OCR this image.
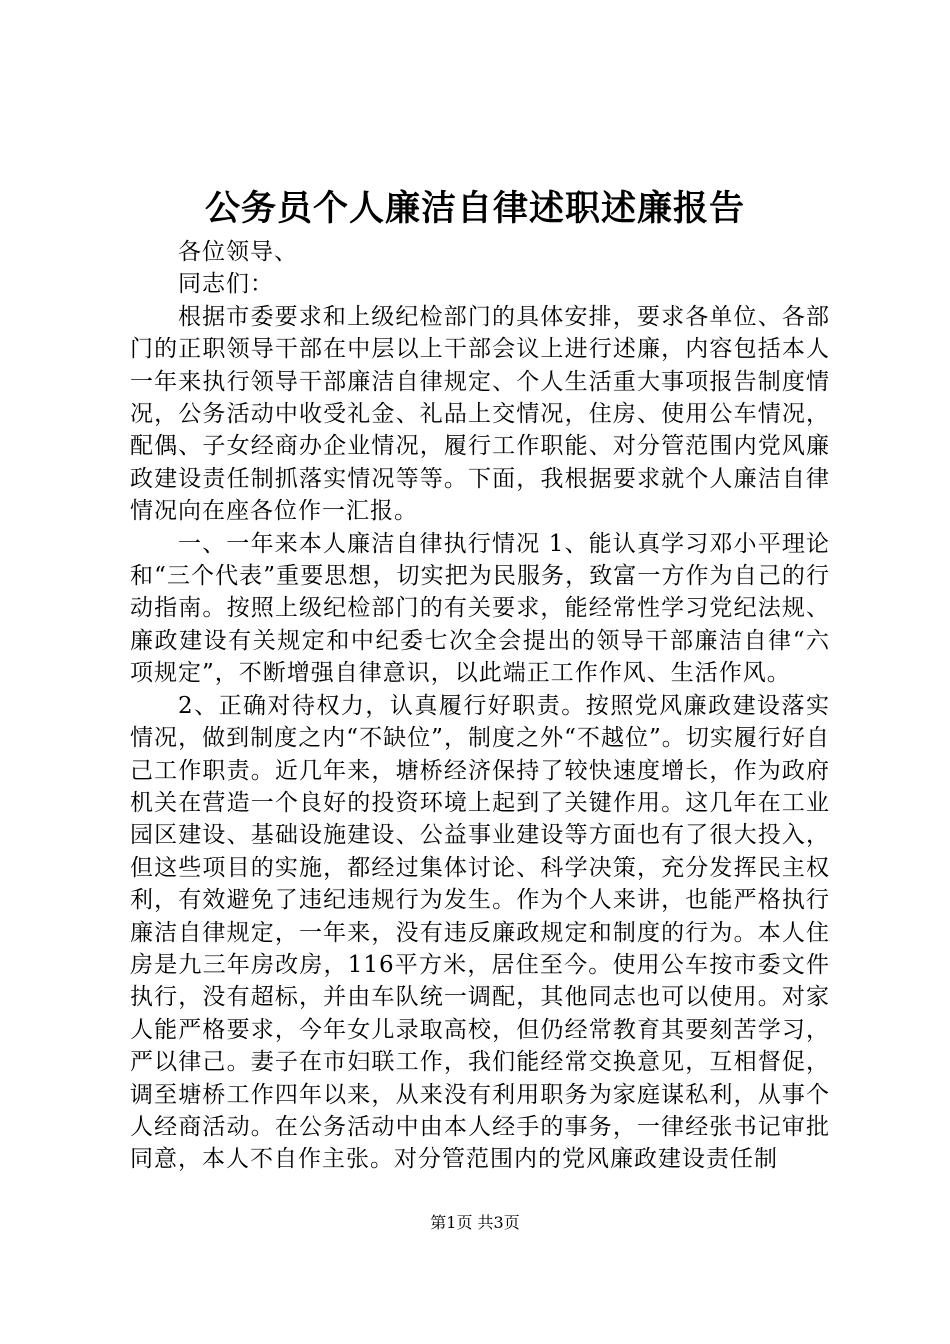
公务员个人廉洁自律述职述廉报告

各位领导、

同志们：

根据市委要求和上级纪检部门的具体安排，要求各单位、各部门的正职领导干部在中层以上干部会议上进行述廉，内容包括本人一年来执行领导干部廉洁自律规定、个人生活重大事项报告制度情况，公务活动中收受礼金、礼品上交情况，住房、使用公车情况，配偶、子女经商办企业情况，履行工作职能、对分管范围内党风廉政建设责任制抓落实情况等等。下面，我根据要求就个人廉洁自律情况向在座各位作一汇报。

一、一年来本人廉洁自律执行情况 1、能认真学习邓小平理论和“三个代表”重要思想，切实把为民服务，致富一方作为自己的行动指南。按照上级纪检部门的有关要求，能经常性学习党纪法规、廉政建设有关规定和中纪委七次全会提出的领导干部廉洁自律“六项规定”，不断增强自律意识，以此端正工作作风、生活作风。

2、正确对待权力，认真履行好职责。按照党风廉政建设落实情况，做到制度之内“不缺位”，制度之外“不越位”。切实履行好自己工作职责。近几年来，塘桥经济保持了较快速度增长，作为政府机关在营造一个良好的投资环境上起到了关键作用。这几年在工业园区建设、基础设施建设、公益事业建设等方面也有了很大投入，但这些项目的实施，都经过集体讨论、科学决策，充分发挥民主权利，有效避免了违纪违规行为发生。作为个人来讲，也能严格执行廉洁自律规定，一年来，没有违反廉政规定和制度的行为。本人住房是九三年房改房，116平方米，居住至今。使用公车按市委文件执行，没有超标，并由车队统一调配，其他同志也可以使用。对家人能严格要求，今年女儿录取高校，但仍经常教育其要刻苦学习，严以律己。妻子在市妇联工作，我们能经常交换意见，互相督促，调至塘桥工作四年以来，从来没有利用职务为家庭谋私利，从事个人经商活动。在公务活动中由本人经手的事务，一律经张书记审批同意，本人不自作主张。对分管范围内的党风廉政建设责任制

第1页 共3页
